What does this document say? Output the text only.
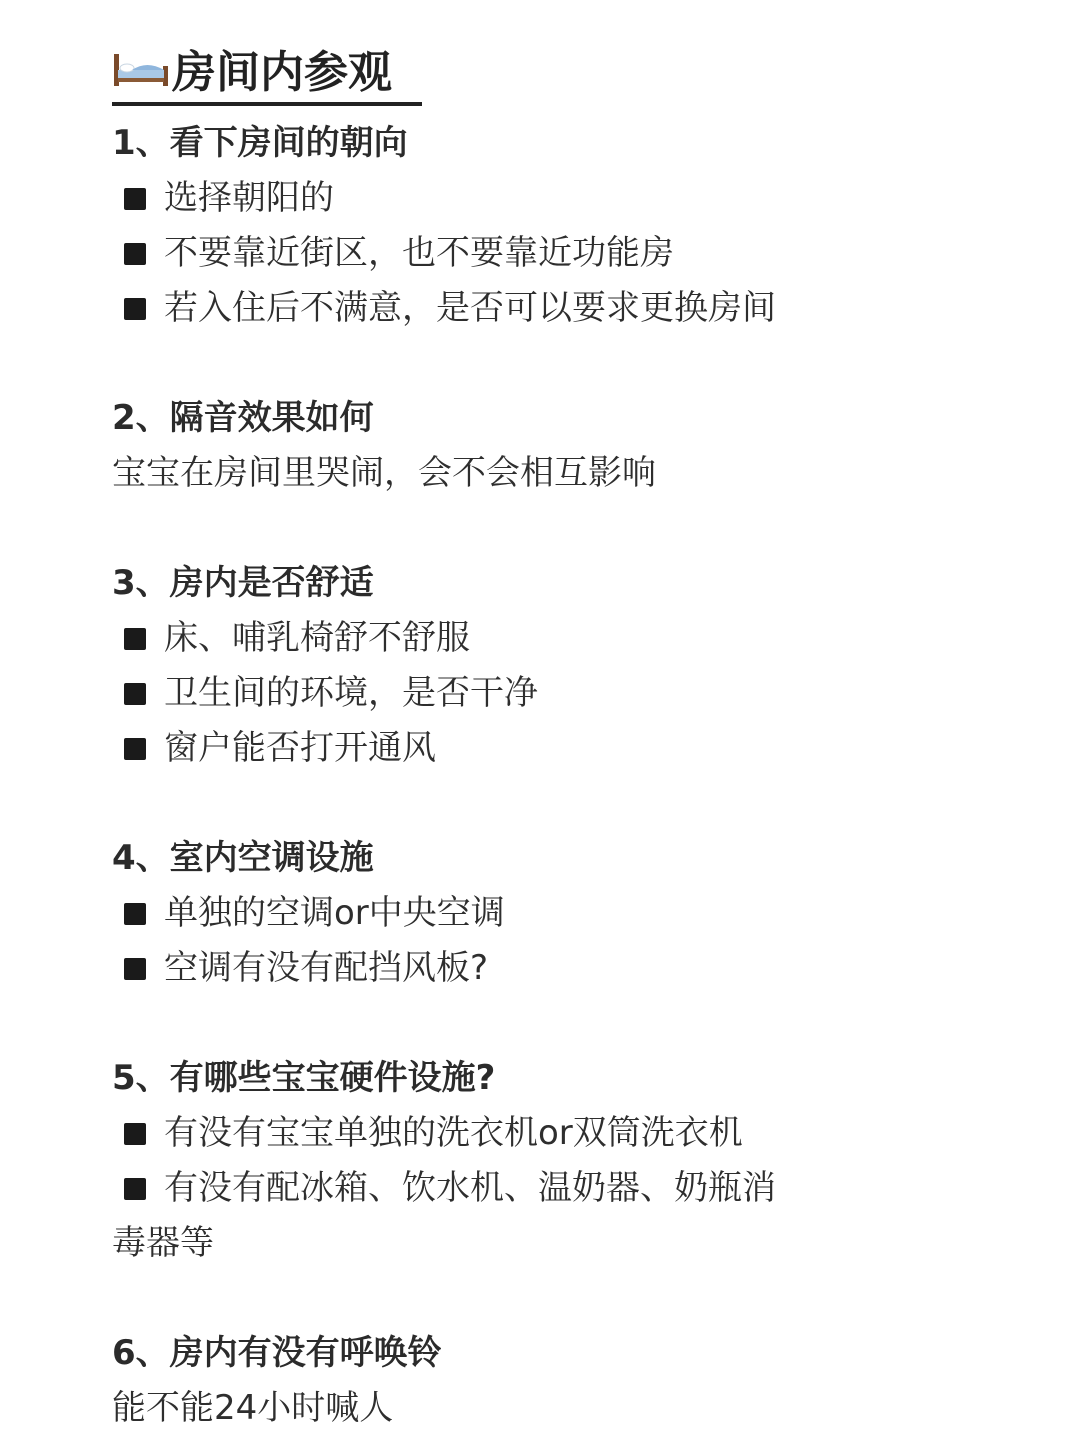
房间内参观
1、看下房间的朝向
选择朝阳的
不要靠近街区，也不要靠近功能房
若入住后不满意，是否可以要求更换房间
2、隔音效果如何
宝宝在房间里哭闹，会不会相互影响
3、房内是否舒适
床、哺乳椅舒不舒服
卫生间的环境，是否干净
窗户能否打开通风
4、室内空调设施
单独的空调or中央空调
空调有没有配挡风板?
5、有哪些宝宝硬件设施?
有没有宝宝单独的洗衣机or双筒洗衣机
有没有配冰箱、饮水机、温奶器、奶瓶消
毒器等
6、房内有没有呼唤铃
能不能24小时喊人
